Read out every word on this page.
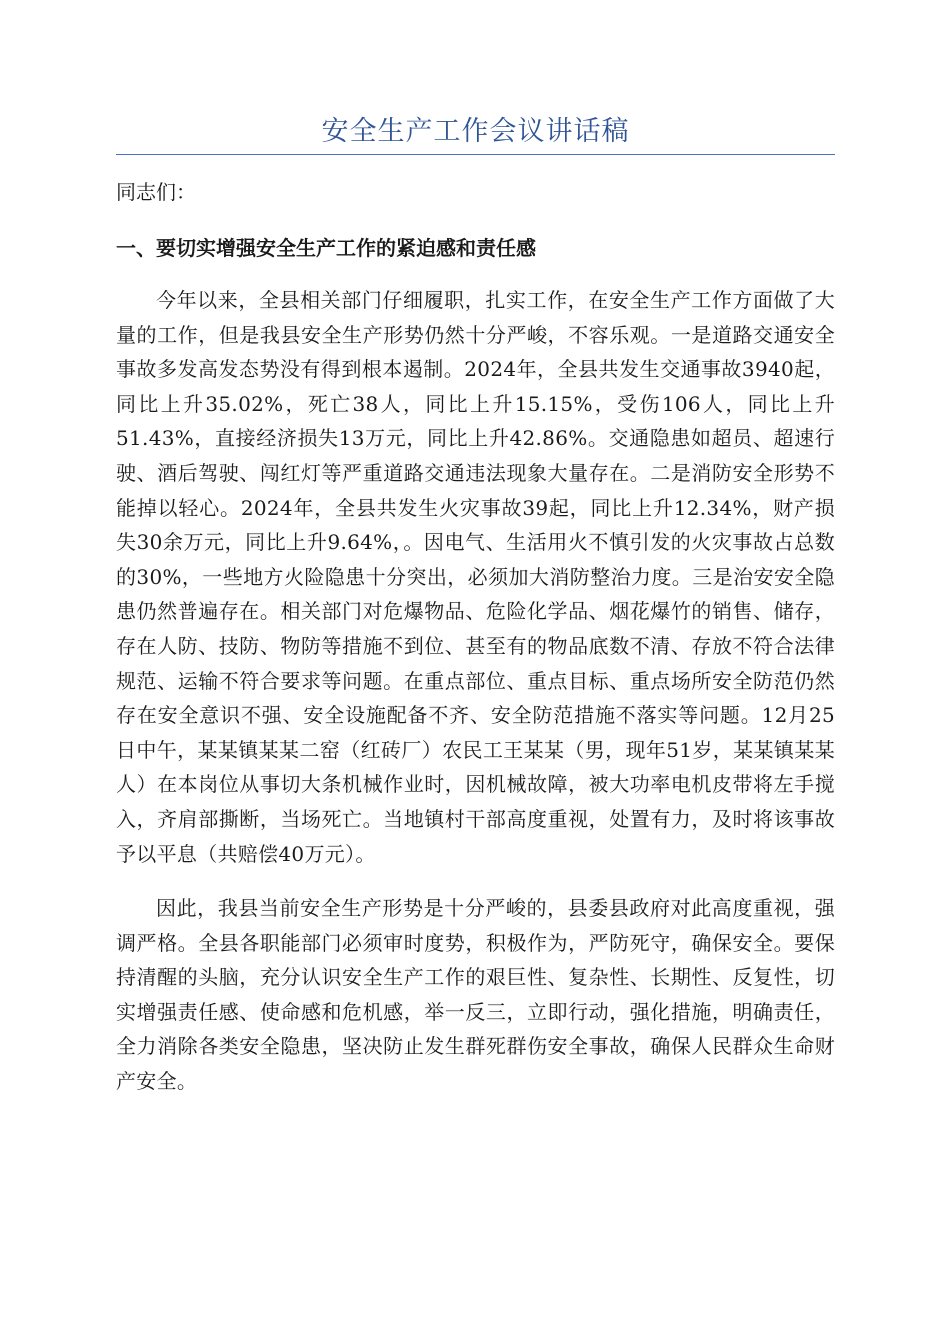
安全生产工作会议讲话稿

同志们：

一、要切实增强安全生产工作的紧迫感和责任感

今年以来，全县相关部门仔细履职，扎实工作，在安全生产工作方面做了大量的工作，但是我县安全生产形势仍然十分严峻，不容乐观。一是道路交通安全事故多发高发态势没有得到根本遏制。2024年，全县共发生交通事故3940起，同比上升35.02%，死亡38人，同比上升15.15%，受伤106人，同比上升51.43%，直接经济损失13万元，同比上升42.86%。交通隐患如超员、超速行驶、酒后驾驶、闯红灯等严重道路交通违法现象大量存在。二是消防安全形势不能掉以轻心。2024年，全县共发生火灾事故39起，同比上升12.34%，财产损失30余万元，同比上升9.64%，。因电气、生活用火不慎引发的火灾事故占总数的30%，一些地方火险隐患十分突出，必须加大消防整治力度。三是治安安全隐患仍然普遍存在。相关部门对危爆物品、危险化学品、烟花爆竹的销售、储存，存在人防、技防、物防等措施不到位、甚至有的物品底数不清、存放不符合法律规范、运输不符合要求等问题。在重点部位、重点目标、重点场所安全防范仍然存在安全意识不强、安全设施配备不齐、安全防范措施不落实等问题。12月25日中午，某某镇某某二窑（红砖厂）农民工王某某（男，现年51岁，某某镇某某人）在本岗位从事切大条机械作业时，因机械故障，被大功率电机皮带将左手搅入，齐肩部撕断，当场死亡。当地镇村干部高度重视，处置有力，及时将该事故予以平息（共赔偿40万元）。

因此，我县当前安全生产形势是十分严峻的，县委县政府对此高度重视，强调严格。全县各职能部门必须审时度势，积极作为，严防死守，确保安全。要保持清醒的头脑，充分认识安全生产工作的艰巨性、复杂性、长期性、反复性，切实增强责任感、使命感和危机感，举一反三，立即行动，强化措施，明确责任，全力消除各类安全隐患，坚决防止发生群死群伤安全事故，确保人民群众生命财产安全。
